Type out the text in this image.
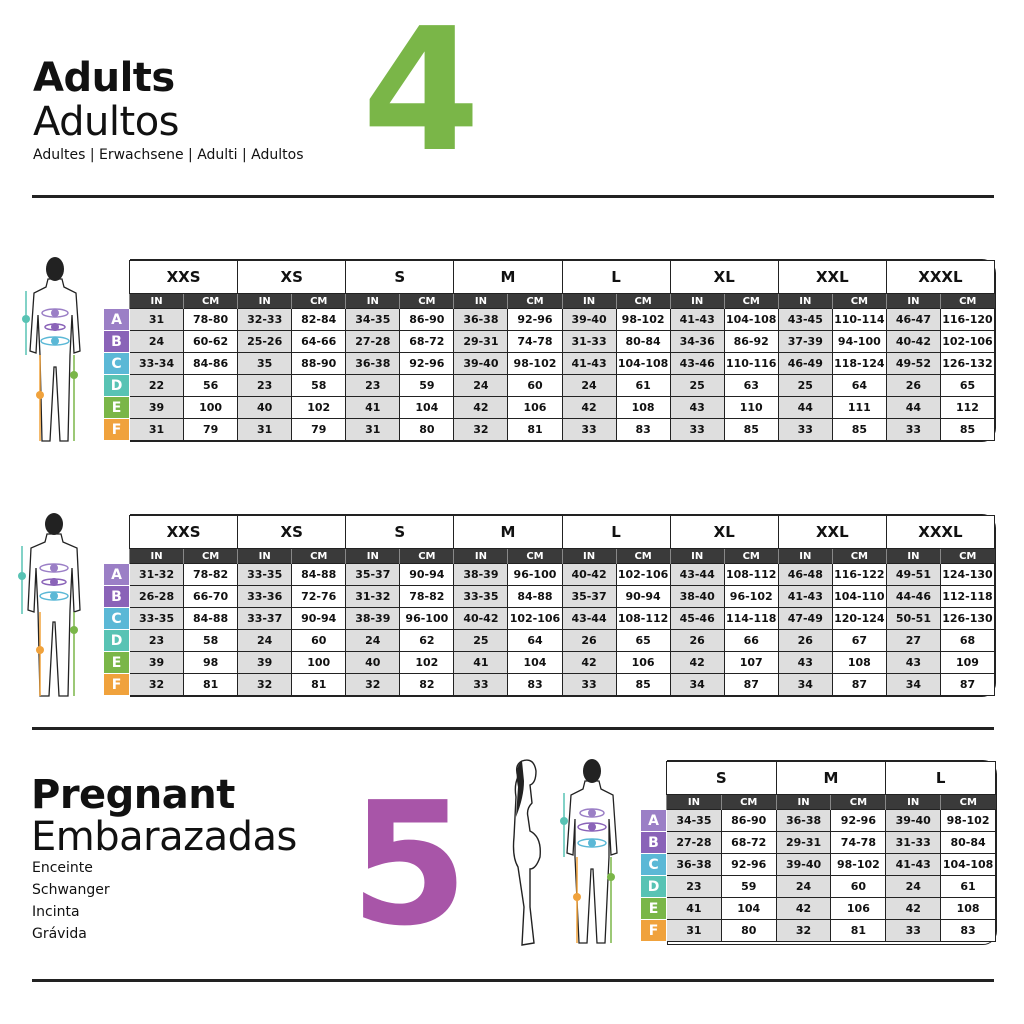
Adults
Adultos
Adultes | Erwachsene | Adulti | Adultos 4
	XXS		XS		S		M		L		XL		XXL		XXXL	
	IN	CM	IN	CM	IN	CM	IN	CM	IN	CM	IN	CM	IN	CM	IN	CM
A	31	78-80	32-33	82-84	34-35	86-90	36-38	92-96	39-40	98-102	41-43	104-108	43-45	110-114	46-47	116-120
B	24	60-62	25-26	64-66	27-28	68-72	29-31	74-78	31-33	80-84	34-36	86-92	37-39	94-100	40-42	102-106
C	33-34	84-86	35	88-90	36-38	92-96	39-40	98-102	41-43	104-108	43-46	110-116	46-49	118-124	49-52	126-132
D	22	56	23	58	23	59	24	60	24	61	25	63	25	64	26	65
E	39	100	40	102	41	104	42	106	42	108	43	110	44	111	44	112
F	31	79	31	79	31	80	32	81	33	83	33	85	33	85	33	85
	XXS		XS		S		M		L		XL		XXL		XXXL	
	IN	CM	IN	CM	IN	CM	IN	CM	IN	CM	IN	CM	IN	CM	IN	CM
A	31-32	78-82	33-35	84-88	35-37	90-94	38-39	96-100	40-42	102-106	43-44	108-112	46-48	116-122	49-51	124-130
B	26-28	66-70	33-36	72-76	31-32	78-82	33-35	84-88	35-37	90-94	38-40	96-102	41-43	104-110	44-46	112-118
C	33-35	84-88	33-37	90-94	38-39	96-100	40-42	102-106	43-44	108-112	45-46	114-118	47-49	120-124	50-51	126-130
D	23	58	24	60	24	62	25	64	26	65	26	66	26	67	27	68
E	39	98	39	100	40	102	41	104	42	106	42	107	43	108	43	109
F	32	81	32	81	32	82	33	83	33	85	34	87	34	87	34	87
Pregnant
Embarazadas
Enceinte
Schwanger
Incinta
Grávida 5
		S		M		L	
	IN	CM	IN	CM	IN	CM
A	34-35	86-90	36-38	92-96	39-40	98-102
B	27-28	68-72	29-31	74-78	31-33	80-84
C	36-38	92-96	39-40	98-102	41-43	104-108
D	23	59	24	60	24	61
E	41	104	42	106	42	108
F	31	80	32	81	33	83
